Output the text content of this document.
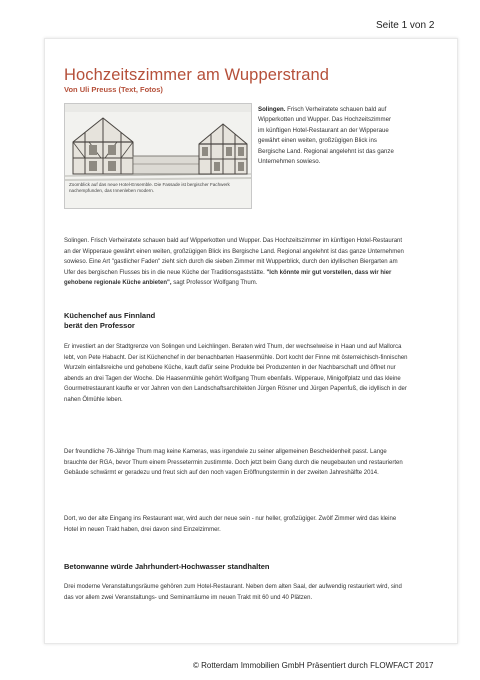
Seite 1 von 2
Hochzeitszimmer am Wupperstrand
Von Uli Preuss (Text, Fotos)
Zoomblick auf das neue Hotel-Ensemble. Die Fassade ist bergischer Fachwerk nachempfunden, das Innenleben modern.
Solingen. Frisch Verheiratete schauen bald auf Wipperkotten und Wupper. Das Hochzeitszimmer im künftigen Hotel-Restaurant an der Wipperaue gewährt einen weiten, großzügigen Blick ins Bergische Land. Regional angelehnt ist das ganze Unternehmen sowieso.
Solingen. Frisch Verheiratete schauen bald auf Wipperkotten und Wupper. Das Hochzeitszimmer im künftigen Hotel-Restaurant an der Wipperaue gewährt einen weiten, großzügigen Blick ins Bergische Land. Regional angelehnt ist das ganze Unternehmen sowieso. Eine Art "gastlicher Faden" zieht sich durch die sieben Zimmer mit Wupperblick, durch den idyllischen Biergarten am Ufer des bergischen Flusses bis in die neue Küche der Traditionsgaststätte. "Ich könnte mir gut vorstellen, dass wir hier gehobene regionale Küche anbieten", sagt Professor Wolfgang Thum.
Küchenchef aus Finnland
berät den Professor
Er investiert an der Stadtgrenze von Solingen und Leichlingen. Beraten wird Thum, der wechselweise in Haan und auf Mallorca lebt, von Pete Habacht. Der ist Küchenchef in der benachbarten Haasenmühle. Dort kocht der Finne mit österreichisch-finnischen Wurzeln einfallsreiche und gehobene Küche, kauft dafür seine Produkte bei Produzenten in der Nachbarschaft und öffnet nur abends an drei Tagen der Woche. Die Haasenmühle gehört Wolfgang Thum ebenfalls. Wipperaue, Minigolfplatz und das kleine Gourmetrestaurant kaufte er vor Jahren von den Landschaftsarchitekten Jürgen Rösner und Jürgen Papenfuß, die idyllisch in der nahen Ölmühle leben.
Der freundliche 76-Jährige Thum mag keine Kameras, was irgendwie zu seiner allgemeinen Bescheidenheit passt. Lange brauchte der RGA, bevor Thum einem Pressetermin zustimmte. Doch jetzt beim Gang durch die neugebauten und restaurierten Gebäude schwärmt er geradezu und freut sich auf den noch vagen Eröffnungstermin in der zweiten Jahreshälfte 2014.
Dort, wo der alte Eingang ins Restaurant war, wird auch der neue sein - nur heller, großzügiger. Zwölf Zimmer wird das kleine Hotel im neuen Trakt haben, drei davon sind Einzelzimmer.
Betonwanne würde Jahrhundert-Hochwasser standhalten
Drei moderne Veranstaltungsräume gehören zum Hotel-Restaurant. Neben dem alten Saal, der aufwendig restauriert wird, sind das vor allem zwei Veranstaltungs- und Seminarräume im neuen Trakt mit 60 und 40 Plätzen.
© Rotterdam Immobilien GmbH Präsentiert durch FLOWFACT 2017
